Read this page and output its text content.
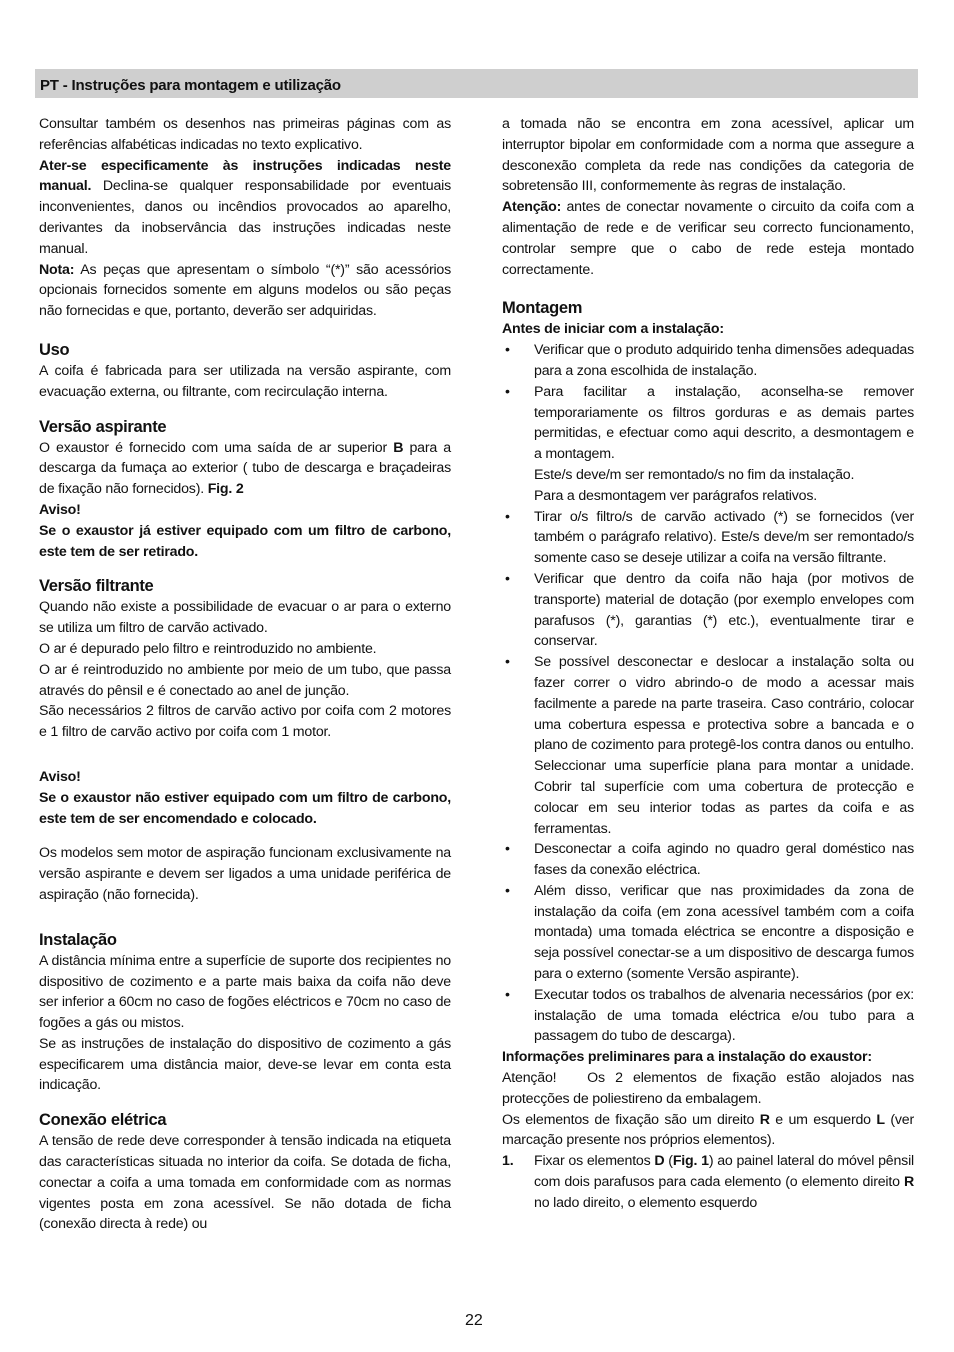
PT - Instruções para montagem e utilização

Consultar também os desenhos nas primeiras páginas com as referências alfabéticas indicadas no texto explicativo.

Ater-se especificamente às instruções indicadas neste manual. Declina-se qualquer responsabilidade por eventuais inconvenientes, danos ou incêndios provocados ao aparelho, derivantes da inobservância das instruções indicadas neste manual.

Nota: As peças que apresentam o símbolo “(*)” são acessórios opcionais fornecidos somente em alguns modelos ou são peças não fornecidas e que, portanto, deverão ser adquiridas.

Uso

A coifa é fabricada para ser utilizada na versão aspirante, com evacuação externa, ou filtrante, com recirculação interna.

Versão aspirante

O exaustor é fornecido com uma saída de ar superior B para a descarga da fumaça ao exterior ( tubo de descarga e braçadeiras de fixação não fornecidos). Fig. 2

Aviso!

Se o exaustor já estiver equipado com um filtro de carbono, este tem de ser retirado.

Versão filtrante

Quando não existe a possibilidade de evacuar o ar para o externo se utiliza um filtro de carvão activado.

O ar é depurado pelo filtro e reintroduzido no ambiente.

O ar é reintroduzido no ambiente por meio de um tubo, que passa através do pênsil e é conectado ao anel de junção.

São necessários 2 filtros de carvão activo por coifa com 2 motores e 1 filtro de carvão activo por coifa com 1 motor.

Aviso!

Se o exaustor não estiver equipado com um filtro de carbono, este tem de ser encomendado e colocado.

Os modelos sem motor de aspiração funcionam exclusivamente na versão aspirante e devem ser ligados a uma unidade periférica de aspiração (não fornecida).

Instalação

A distância mínima entre a superfície de suporte dos recipientes no dispositivo de cozimento e a parte mais baixa da coifa não deve ser inferior a 60cm no caso de fogões eléctricos e 70cm no caso de fogões a gás ou mistos.

Se as instruções de instalação do dispositivo de cozimento a gás especificarem uma distância maior, deve-se levar em conta esta indicação.

Conexão elétrica

A tensão de rede deve corresponder à tensão indicada na etiqueta das características situada no interior da coifa. Se dotada de ficha, conectar a coifa a uma tomada em conformidade com as normas vigentes posta em zona acessível. Se não dotada de ficha (conexão directa à rede) ou

a tomada não se encontra em zona acessível, aplicar um interruptor bipolar em conformidade com a norma que assegure a desconexão completa da rede nas condições da categoria de sobretensão III, conformemente às regras de instalação.

Atenção: antes de conectar novamente o circuito da coifa com a alimentação de rede e de verificar seu correcto funcionamento, controlar sempre que o cabo de rede esteja montado correctamente.

Montagem

Antes de iniciar com a instalação:

• Verificar que o produto adquirido tenha dimensões adequadas para a zona escolhida de instalação.
• Para facilitar a instalação, aconselha-se remover temporariamente os filtros gorduras e as demais partes permitidas, e efectuar como aqui descrito, a desmontagem e a montagem.
Este/s deve/m ser remontado/s no fim da instalação.
Para a desmontagem ver parágrafos relativos.
• Tirar o/s filtro/s de carvão activado (*) se fornecidos (ver também o parágrafo relativo). Este/s deve/m ser remontado/s somente caso se deseje utilizar a coifa na versão filtrante.
• Verificar que dentro da coifa não haja (por motivos de transporte) material de dotação (por exemplo envelopes com parafusos (*), garantias (*) etc.), eventualmente tirar e conservar.
• Se possível desconectar e deslocar a instalação solta ou fazer correr o vidro abrindo-o de modo a acessar mais facilmente a parede na parte traseira. Caso contrário, colocar uma cobertura espessa e protectiva sobre a bancada e o plano de cozimento para protegê-los contra danos ou entulho. Seleccionar uma superfície plana para montar a unidade. Cobrir tal superfície com uma cobertura de protecção e colocar em seu interior todas as partes da coifa e as ferramentas.
• Desconectar a coifa agindo no quadro geral doméstico nas fases da conexão eléctrica.
• Além disso, verificar que nas proximidades da zona de instalação da coifa (em zona acessível também com a coifa montada) uma tomada eléctrica se encontre a disposição e seja possível conectar-se a um dispositivo de descarga fumos para o externo (somente Versão aspirante).
• Executar todos os trabalhos de alvenaria necessários (por ex: instalação de uma tomada eléctrica e/ou tubo para a passagem do tubo de descarga).

Informações preliminares para a instalação do exaustor:

Atenção!   Os 2 elementos de fixação estão alojados nas protecções de poliestireno da embalagem.

Os elementos de fixação são um direito R e um esquerdo L (ver marcação presente nos próprios elementos).

1. Fixar os elementos D (Fig. 1) ao painel lateral do móvel pênsil com dois parafusos para cada elemento (o elemento direito R no lado direito, o elemento esquerdo
22
